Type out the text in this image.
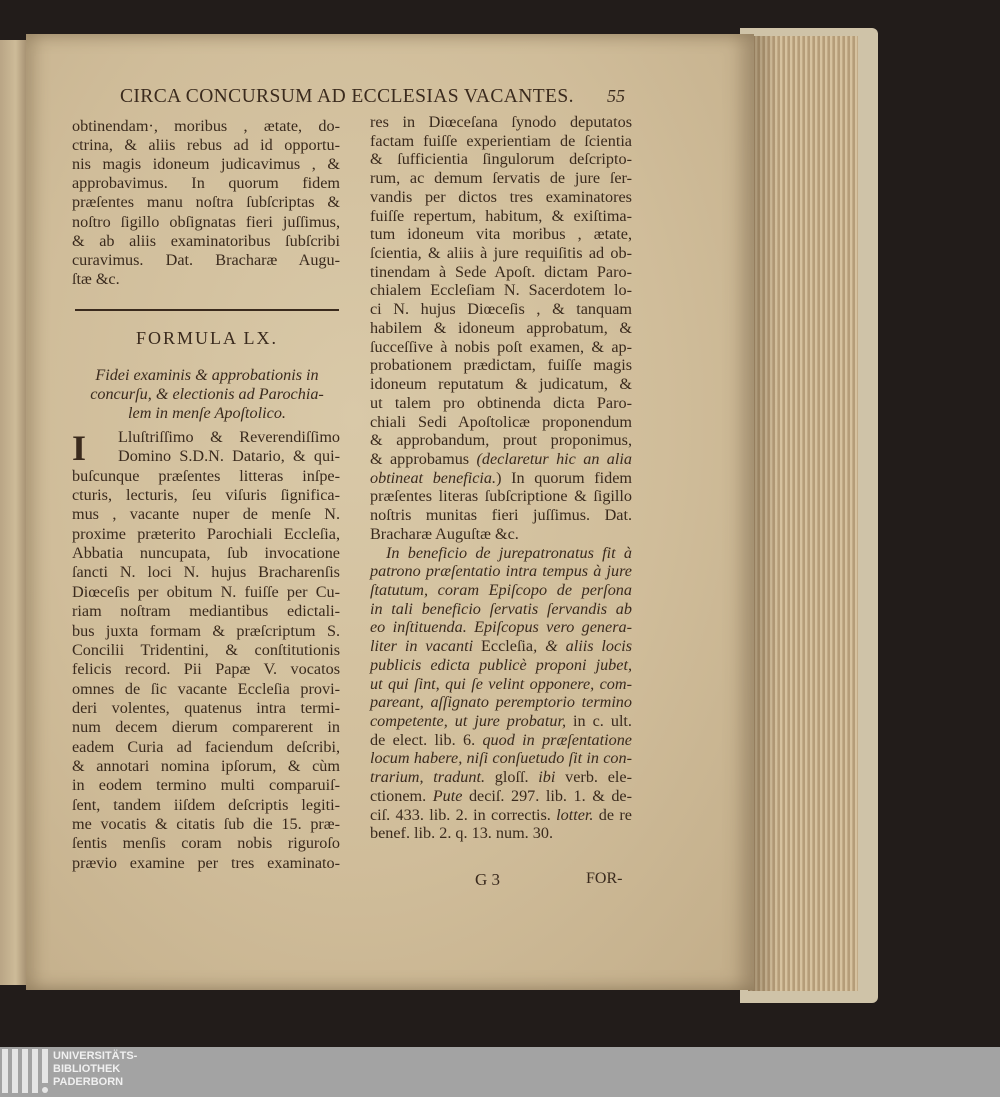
CIRCA CONCURSUM AD ECCLESIAS VACANTES. 55
obtinendam·, moribus , ætate, do-
ctrina, & aliis rebus ad id opportu-
nis magis idoneum judicavimus , &
approbavimus. In quorum fidem
præſentes manu noſtra ſubſcriptas &
noſtro ſigillo obſignatas fieri juſſimus,
& ab aliis examinatoribus ſubſcribi
curavimus. Dat. Bracharæ Augu-
ſtæ &c.
FORMULA LX.
Fidei examinis & approbationis in
concurſu, & electionis ad Parochia-
lem in menſe Apoſtolico.
I Lluſtriſſimo & Reverendiſſimo
Domino S.D.N. Datario, & qui-
buſcunque præſentes litteras inſpe-
cturis, lecturis, ſeu viſuris ſignifica-
mus , vacante nuper de menſe N.
proxime præterito Parochiali Eccleſia,
Abbatia nuncupata, ſub invocatione
ſancti N. loci N. hujus Bracharenſis
Diœceſis per obitum N. fuiſſe per Cu-
riam noſtram mediantibus edictali-
bus juxta formam & præſcriptum S.
Concilii Tridentini, & conſtitutionis
felicis record. Pii Papæ V. vocatos
omnes de ſic vacante Eccleſia provi-
deri volentes, quatenus intra termi-
num decem dierum comparerent in
eadem Curia ad faciendum deſcribi,
& annotari nomina ipſorum, & cùm
in eodem termino multi comparuiſ-
ſent, tandem iiſdem deſcriptis legiti-
me vocatis & citatis ſub die 15. præ-
ſentis menſis coram nobis riguroſo
prævio examine per tres examinato-
res in Diœceſana ſynodo deputatos
factam fuiſſe experientiam de ſcientia
& ſufficientia ſingulorum deſcripto-
rum, ac demum ſervatis de jure ſer-
vandis per dictos tres examinatores
fuiſſe repertum, habitum, & exiſtima-
tum idoneum vita moribus , ætate,
ſcientia, & aliis à jure requiſitis ad ob-
tinendam à Sede Apoſt. dictam Paro-
chialem Eccleſiam N. Sacerdotem lo-
ci N. hujus Diœceſis , & tanquam
habilem & idoneum approbatum, &
ſucceſſive à nobis poſt examen, & ap-
probationem prædictam, fuiſſe magis
idoneum reputatum & judicatum, &
ut talem pro obtinenda dicta Paro-
chiali Sedi Apoſtolicæ proponendum
& approbandum, prout proponimus,
& approbamus (declaretur hic an alia
obtineat beneficia.) In quorum fidem
præſentes literas ſubſcriptione & ſigillo
noſtris munitas fieri juſſimus. Dat.
Bracharæ Auguſtæ &c.
In beneficio de jurepatronatus fit à
patrono præſentatio intra tempus à jure
ſtatutum, coram Epiſcopo de perſona
in tali beneficio ſervatis ſervandis ab
eo inſtituenda. Epiſcopus vero genera-
liter in vacanti Eccleſia, & aliis locis
publicis edicta publicè proponi jubet,
ut qui ſint, qui ſe velint opponere, com-
pareant, aſſignato peremptorio termino
competente, ut jure probatur, in c. ult.
de elect. lib. 6. quod in præſentatione
locum habere, niſi conſuetudo ſit in con-
trarium, tradunt. gloſſ. ibi verb. ele-
ctionem. Pute deciſ. 297. lib. 1. & de-
ciſ. 433. lib. 2. in correctis. lotter. de re
benef. lib. 2. q. 13. num. 30.
G 3	FOR-
UNIVERSITÄTS-
BIBLIOTHEK
PADERBORN
